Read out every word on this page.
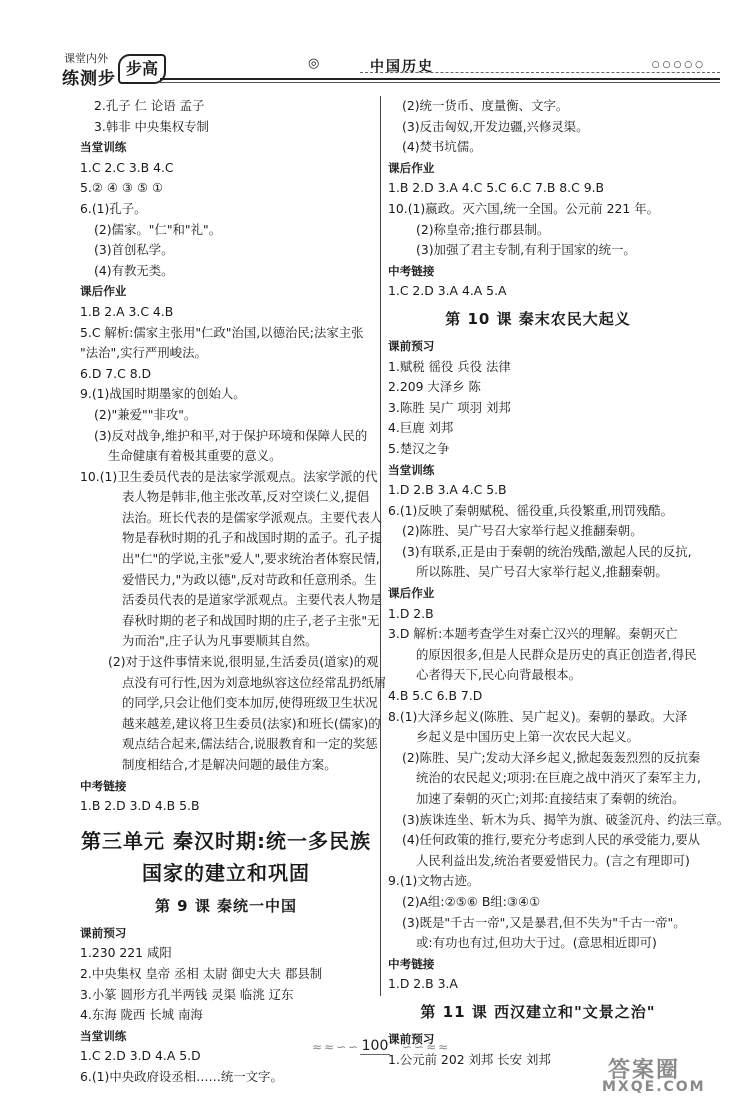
课堂内外
练测步
步高	◎	中国历史	○○○○○
2.孔子 仁 论语 孟子
3.韩非 中央集权专制
当堂训练
1.C 2.C 3.B 4.C
5.② ④ ③ ⑤ ①
6.(1)孔子。
(2)儒家。"仁"和"礼"。
(3)首创私学。
(4)有教无类。
课后作业
1.B 2.A 3.C 4.B
5.C 解析:儒家主张用"仁政"治国,以德治民;法家主张
"法治",实行严刑峻法。
6.D 7.C 8.D
9.(1)战国时期墨家的创始人。
(2)"兼爱""非攻"。
(3)反对战争,维护和平,对于保护环境和保障人民的
生命健康有着极其重要的意义。
10.(1)卫生委员代表的是法家学派观点。法家学派的代
表人物是韩非,他主张改革,反对空谈仁义,提倡
法治。班长代表的是儒家学派观点。主要代表人
物是春秋时期的孔子和战国时期的孟子。孔子提
出"仁"的学说,主张"爱人",要求统治者体察民情,
爱惜民力,"为政以德",反对苛政和任意刑杀。生
活委员代表的是道家学派观点。主要代表人物是
春秋时期的老子和战国时期的庄子,老子主张"无
为而治",庄子认为凡事要顺其自然。
(2)对于这件事情来说,很明显,生活委员(道家)的观
点没有可行性,因为刘意地纵容这位经常乱扔纸屑
的同学,只会让他们变本加厉,使得班级卫生状况
越来越差,建议将卫生委员(法家)和班长(儒家)的
观点结合起来,儒法结合,说服教育和一定的奖惩
制度相结合,才是解决问题的最佳方案。
中考链接
1.B 2.D 3.D 4.B 5.B
第三单元 秦汉时期:统一多民族
国家的建立和巩固
第 9 课 秦统一中国
课前预习
1.230 221 咸阳
2.中央集权 皇帝 丞相 太尉 御史大夫 郡县制
3.小篆 圆形方孔半两钱 灵渠 临洮 辽东
4.东海 陇西 长城 南海
当堂训练
1.C 2.D 3.D 4.A 5.D
6.(1)中央政府设丞相……统一文字。
(2)统一货币、度量衡、文字。
(3)反击匈奴,开发边疆,兴修灵渠。
(4)焚书坑儒。
课后作业
1.B 2.D 3.A 4.C 5.C 6.C 7.B 8.C 9.B
10.(1)嬴政。灭六国,统一全国。公元前 221 年。
(2)称皇帝;推行郡县制。
(3)加强了君主专制,有利于国家的统一。
中考链接
1.C 2.D 3.A 4.A 5.A
第 10 课 秦末农民大起义
课前预习
1.赋税 徭役 兵役 法律
2.209 大泽乡 陈
3.陈胜 吴广 项羽 刘邦
4.巨鹿 刘邦
5.楚汉之争
当堂训练
1.D 2.B 3.A 4.C 5.B
6.(1)反映了秦朝赋税、徭役重,兵役繁重,刑罚残酷。
(2)陈胜、吴广号召大家举行起义推翻秦朝。
(3)有联系,正是由于秦朝的统治残酷,激起人民的反抗,
所以陈胜、吴广号召大家举行起义,推翻秦朝。
课后作业
1.D 2.B
3.D 解析:本题考查学生对秦亡汉兴的理解。秦朝灭亡
的原因很多,但是人民群众是历史的真正创造者,得民
心者得天下,民心向背最根本。
4.B 5.C 6.B 7.D
8.(1)大泽乡起义(陈胜、吴广起义)。秦朝的暴政。大泽
乡起义是中国历史上第一次农民大起义。
(2)陈胜、吴广;发动大泽乡起义,掀起轰轰烈烈的反抗秦
统治的农民起义;项羽:在巨鹿之战中消灭了秦军主力,
加速了秦朝的灭亡;刘邦:直接结束了秦朝的统治。
(3)族诛连坐、斩木为兵、揭竿为旗、破釜沉舟、约法三章。
(4)任何政策的推行,要充分考虑到人民的承受能力,要从
人民利益出发,统治者要爱惜民力。(言之有理即可)
9.(1)文物古迹。
(2)A组:②⑤⑥ B组:③④①
(3)既是"千古一帝",又是暴君,但不失为"千古一帝"。
或:有功也有过,但功大于过。(意思相近即可)
中考链接
1.D 2.B 3.A
第 11 课 西汉建立和"文景之治"
课前预习
1.公元前 202 刘邦 长安 刘邦
≈≈∽∽ 100	∽∽≈≈
答案圈
MXQE.COM
